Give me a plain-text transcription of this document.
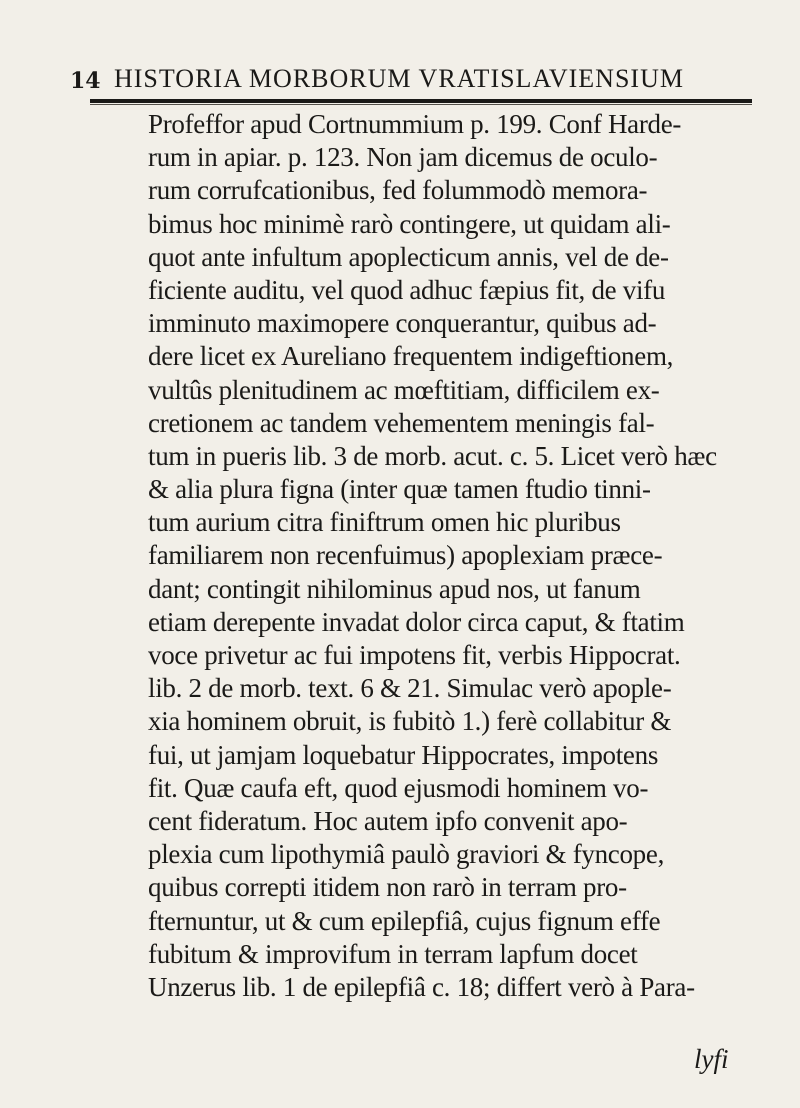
14 HISTORIA MORBORUM VRATISLAVIENSIUM
Profeffor apud Cortnummium p. 199. Conf Harde-
rum in apiar. p. 123. Non jam dicemus de oculo-
rum corrufcationibus, fed folummodò memora-
bimus hoc minimè rarò contingere, ut quidam ali-
quot ante infultum apoplecticum annis, vel de de-
ficiente auditu, vel quod adhuc fæpius fit, de vifu
imminuto maximopere conquerantur, quibus ad-
dere licet ex Aureliano frequentem indigeftionem,
vultûs plenitudinem ac mœftitiam, difficilem ex-
cretionem ac tandem vehementem meningis fal-
tum in pueris lib. 3 de morb. acut. c. 5. Licet verò hæc
& alia plura figna (inter quæ tamen ftudio tinni-
tum aurium citra finiftrum omen hic pluribus
familiarem non recenfuimus) apoplexiam præce-
dant; contingit nihilominus apud nos, ut fanum
etiam derepente invadat dolor circa caput, & ftatim
voce privetur ac fui impotens fit, verbis Hippocrat.
lib. 2 de morb. text. 6 & 21. Simulac verò apople-
xia hominem obruit, is fubitò 1.) ferè collabitur &
fui, ut jamjam loquebatur Hippocrates, impotens
fit. Quæ caufa eft, quod ejusmodi hominem vo-
cent fideratum. Hoc autem ipfo convenit apo-
plexia cum lipothymiâ paulò graviori & fyncope,
quibus correpti itidem non rarò in terram pro-
fternuntur, ut & cum epilepfiâ, cujus fignum effe
fubitum & improvifum in terram lapfum docet
Unzerus lib. 1 de epilepfiâ c. 18; differt verò à Para-
lyfi
